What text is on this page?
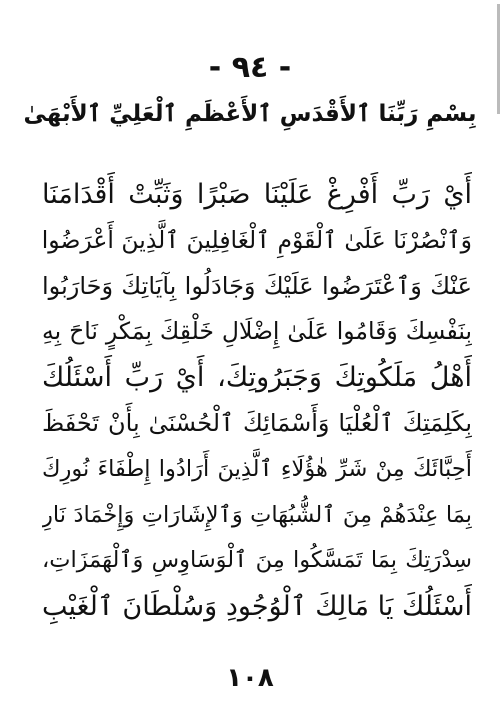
- ٩٤ -
بِسْمِ رَبِّنَا ٱلأَقْدَسِ ٱلأَعْظَمِ ٱلْعَلِيِّ ٱلأَبْهَىٰ
أَيْ رَبِّ أَفْرِغْ عَلَيْنَا صَبْرًا وَثَبِّتْ أَقْدَامَنَا
وَٱنْصُرْنَا عَلَىٰ ٱلْقَوْمِ ٱلْغَافِلِينَ ٱلَّذِينَ أَعْرَضُوا
عَنْكَ وَٱعْتَرَضُوا عَلَيْكَ وَجَادَلُوا بِآيَاتِكَ وَحَارَبُوا
بِنَفْسِكَ وَقَامُوا عَلَىٰ إِضْلَالِ خَلْقِكَ بِمَكْرٍ نَاحَ بِهِ
أَهْلُ مَلَكُوتِكَ وَجَبَرُوتِكَ، أَيْ رَبِّ أَسْئَلُكَ
بِكَلِمَتِكَ ٱلْعُلْيَا وَأَسْمَائِكَ ٱلْحُسْنَىٰ بِأَنْ تَحْفَظَ
أَحِبَّائَكَ مِنْ شَرِّ هٰؤُلَاءِ ٱلَّذِينَ أَرَادُوا إِطْفَاءَ نُورِكَ
بِمَا عِنْدَهُمْ مِنَ ٱلشُّبُهَاتِ وَٱلإِشَارَاتِ وَإِخْمَادَ نَارِ
سِدْرَتِكَ بِمَا تَمَسَّكُوا مِنَ ٱلْوَسَاوِسِ وَٱلْهَمَزَاتِ،
أَسْئَلُكَ يَا مَالِكَ ٱلْوُجُودِ وَسُلْطَانَ ٱلْغَيْبِ
١٠٨
